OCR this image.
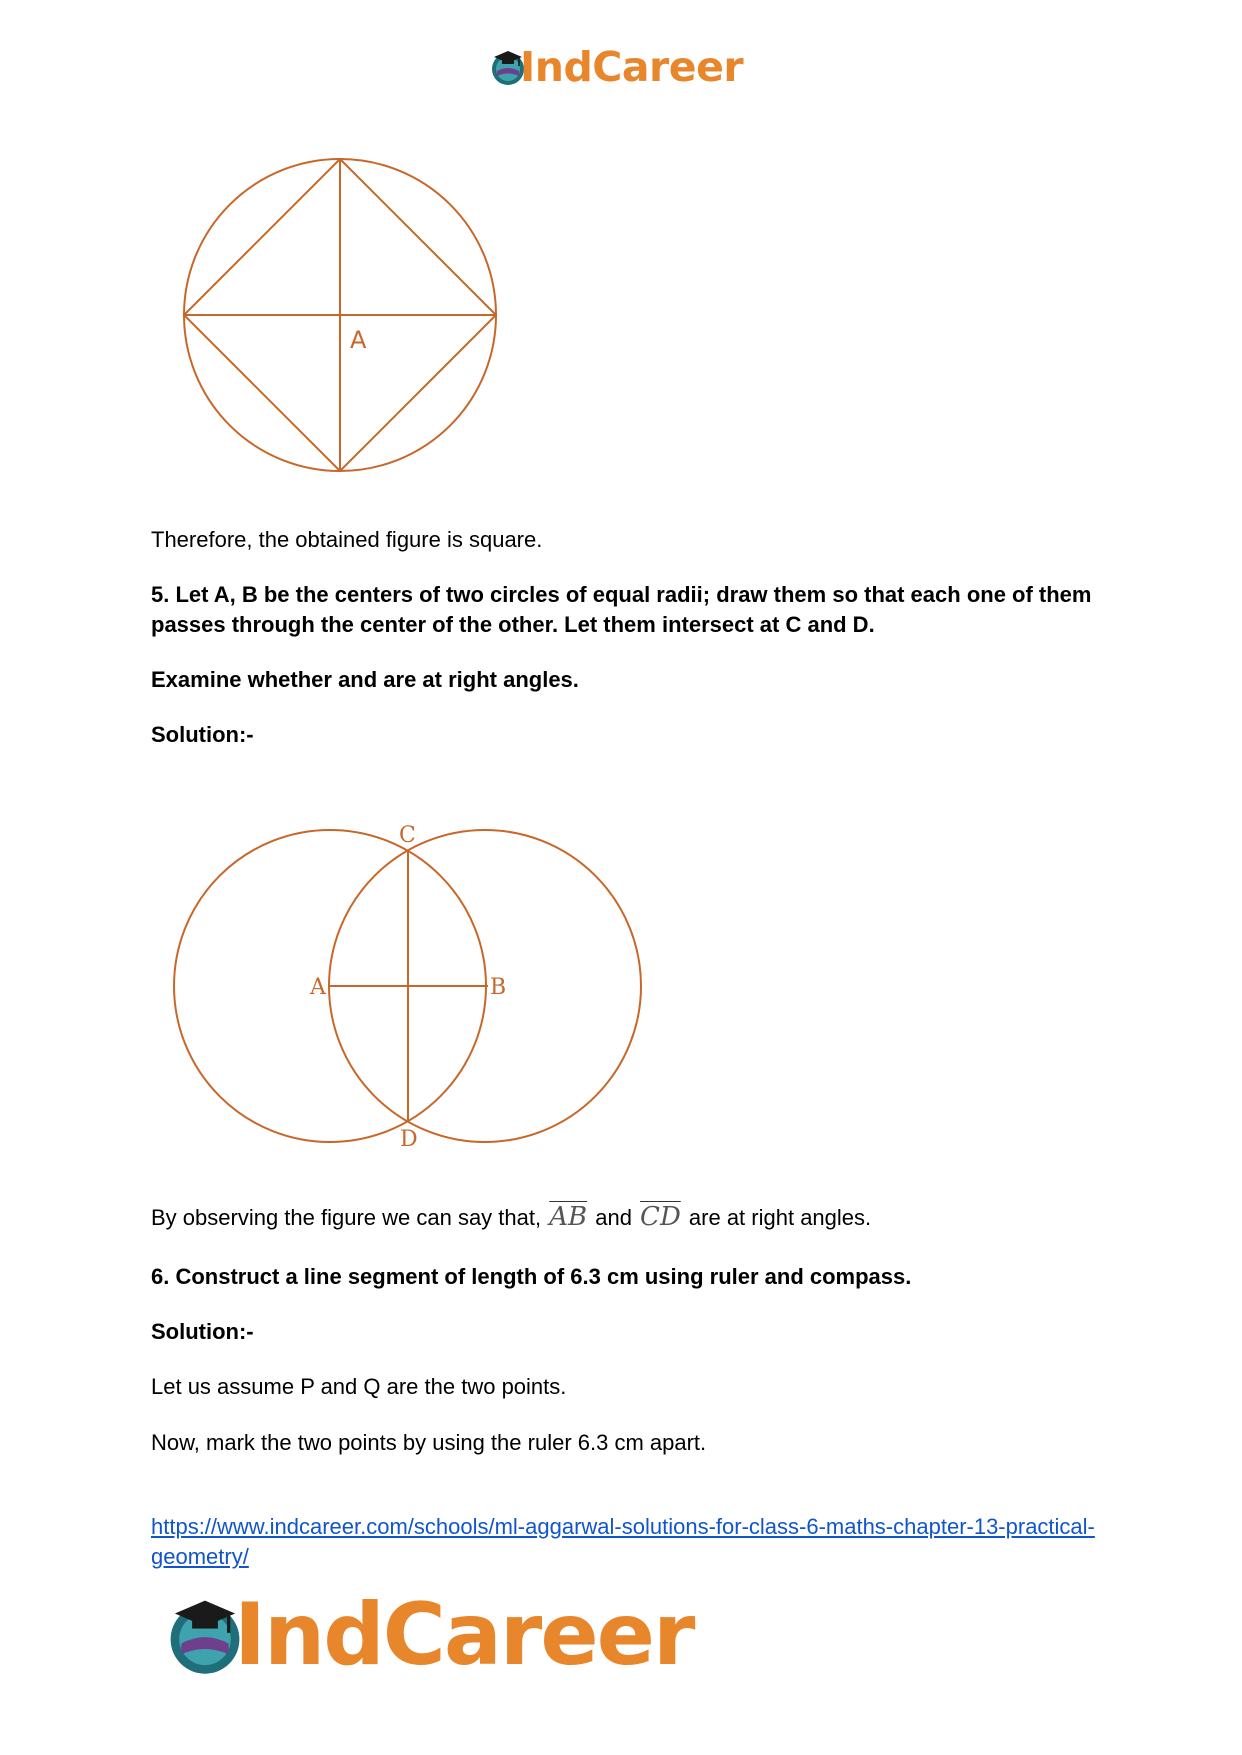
IndCareer
A

Therefore, the obtained figure is square.

5. Let A, B be the centers of two circles of equal radii; draw them so that each one of them passes through the center of the other. Let them intersect at C and D.

Examine whether and are at right angles.

Solution:-

C
A	B
D

By observing the figure we can say that, $\overline{AB}$ and $\overline{CD}$ are at right angles.

6. Construct a line segment of length of 6.3 cm using ruler and compass.

Solution:-

Let us assume P and Q are the two points.

Now, mark the two points by using the ruler 6.3 cm apart.

https://www.indcareer.com/schools/ml-aggarwal-solutions-for-class-6-maths-chapter-13-practical-geometry/
IndCareer
